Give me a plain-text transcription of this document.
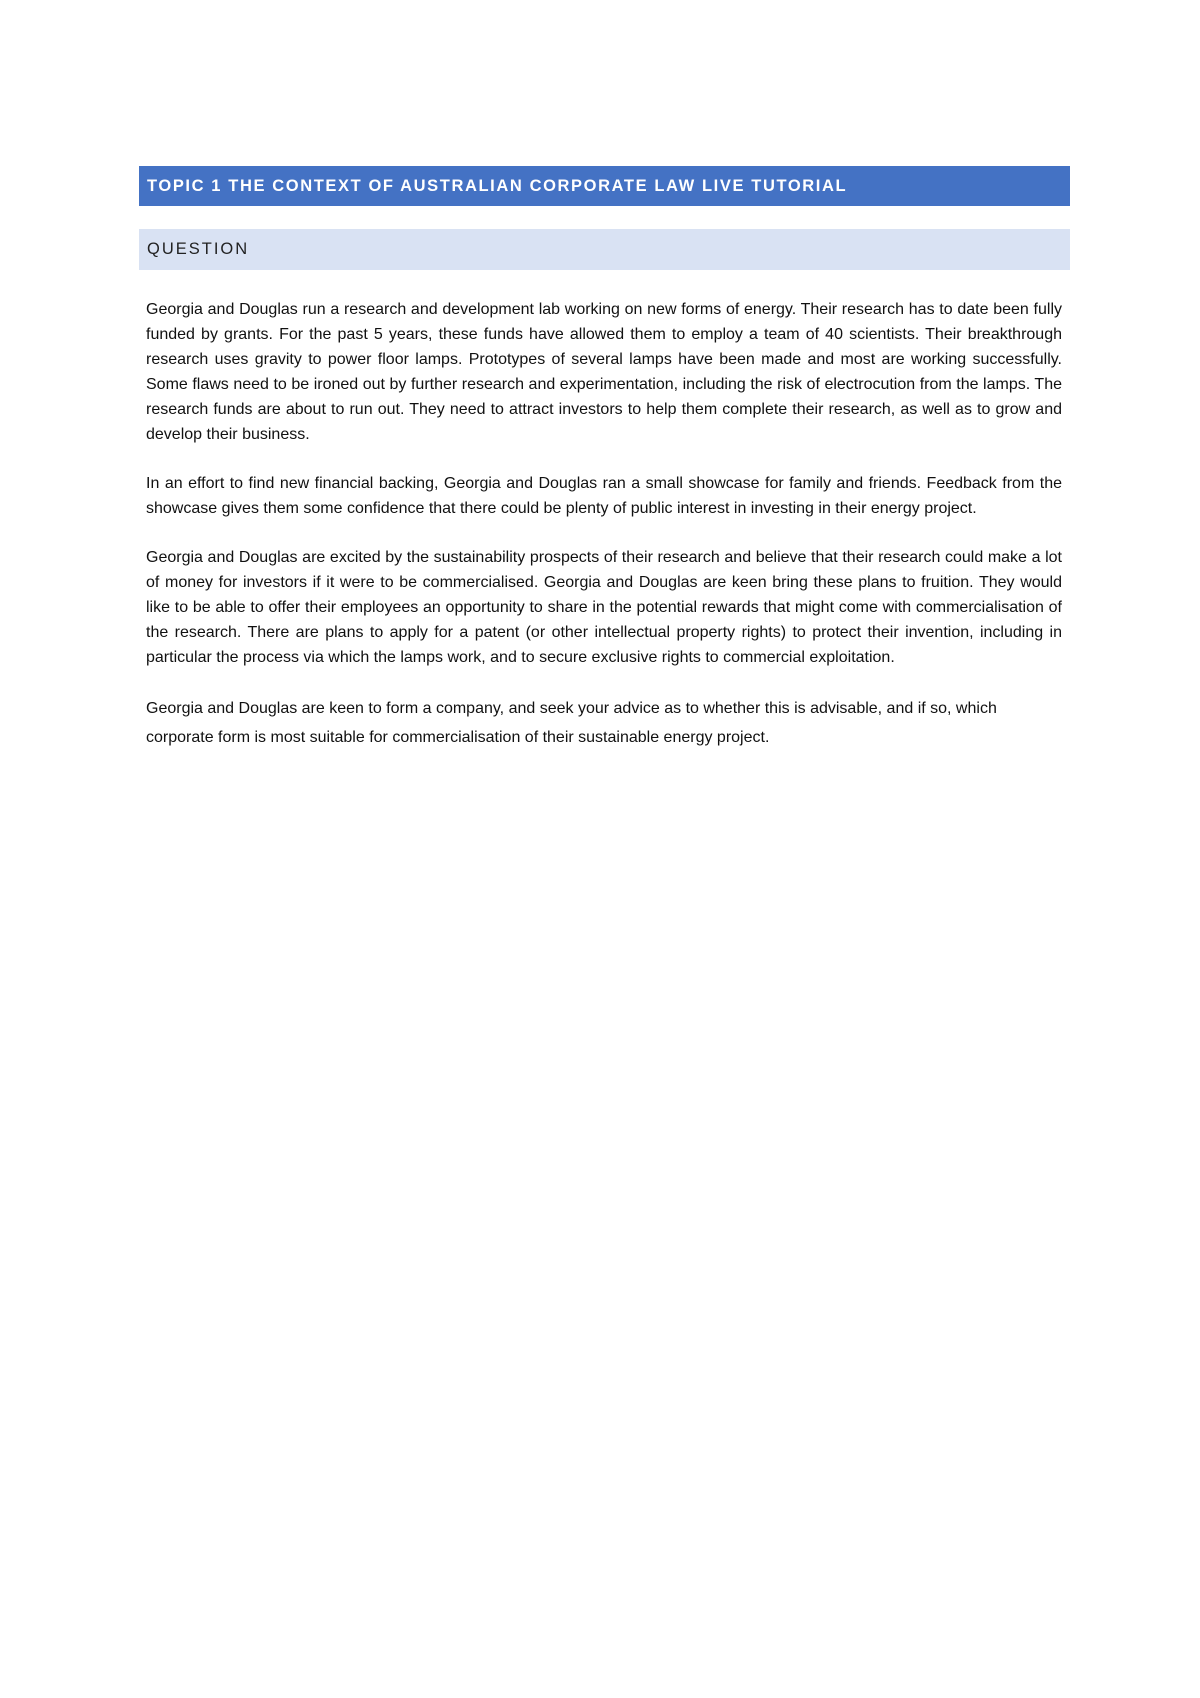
TOPIC 1 THE CONTEXT OF AUSTRALIAN CORPORATE LAW LIVE TUTORIAL
QUESTION

Georgia and Douglas run a research and development lab working on new forms of energy. Their research has to date been fully funded by grants. For the past 5 years, these funds have allowed them to employ a team of 40 scientists. Their breakthrough research uses gravity to power floor lamps. Prototypes of several lamps have been made and most are working successfully. Some flaws need to be ironed out by further research and experimentation, including the risk of electrocution from the lamps. The research funds are about to run out. They need to attract investors to help them complete their research, as well as to grow and develop their business.

In an effort to find new financial backing, Georgia and Douglas ran a small showcase for family and friends. Feedback from the showcase gives them some confidence that there could be plenty of public interest in investing in their energy project.

Georgia and Douglas are excited by the sustainability prospects of their research and believe that their research could make a lot of money for investors if it were to be commercialised. Georgia and Douglas are keen bring these plans to fruition. They would like to be able to offer their employees an opportunity to share in the potential rewards that might come with commercialisation of the research. There are plans to apply for a patent (or other intellectual property rights) to protect their invention, including in particular the process via which the lamps work, and to secure exclusive rights to commercial exploitation.

Georgia and Douglas are keen to form a company, and seek your advice as to whether this is advisable, and if so, which corporate form is most suitable for commercialisation of their sustainable energy project.
